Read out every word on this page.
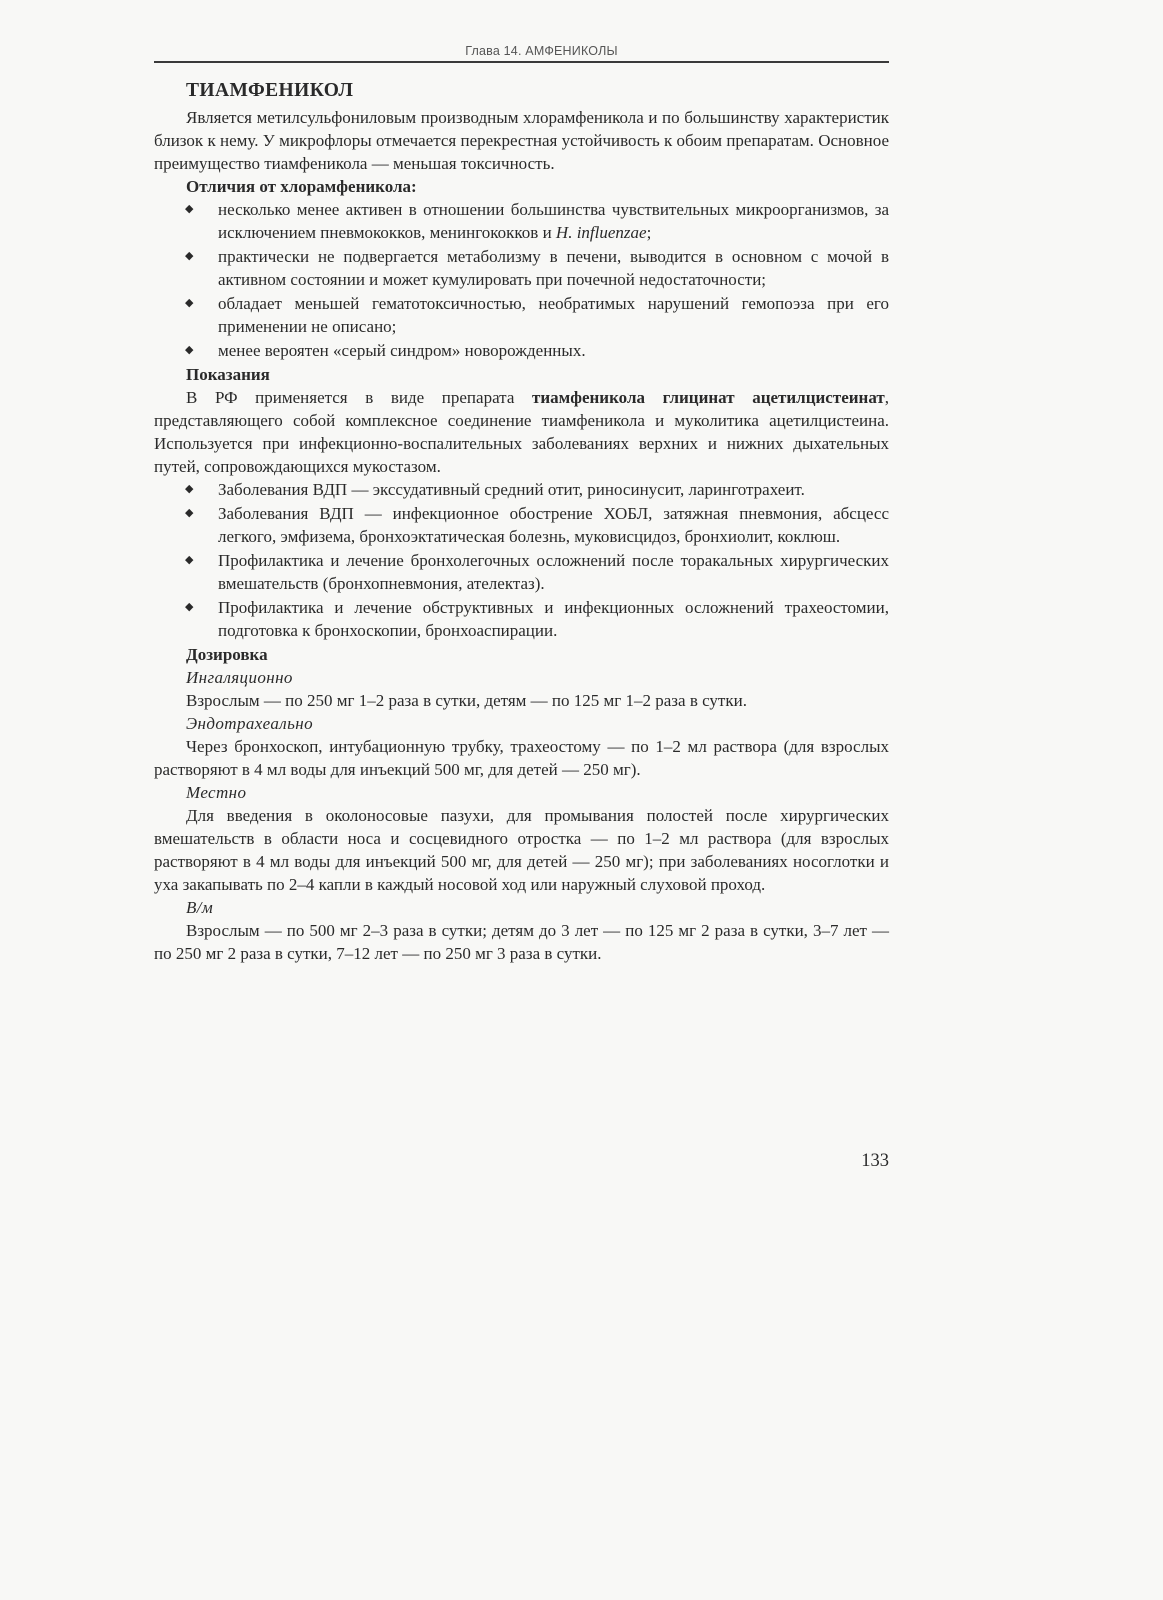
Глава 14. АМФЕНИКОЛЫ
ТИАМФЕНИКОЛ

Является метилсульфониловым производным хлорамфеникола и по большинству характеристик близок к нему. У микрофлоры отмечается перекрестная устойчивость к обоим препаратам. Основное преимущество тиамфеникола — меньшая токсичность.

Отличия от хлорамфеникола:
◆ несколько менее активен в отношении большинства чувствительных микроорганизмов, за исключением пневмококков, менингококков и H. influenzae;
◆ практически не подвергается метаболизму в печени, выводится в основном с мочой в активном состоянии и может кумулировать при почечной недостаточности;
◆ обладает меньшей гематотоксичностью, необратимых нарушений гемопоэза при его применении не описано;
◆ менее вероятен «серый синдром» новорожденных.
Показания

В РФ применяется в виде препарата тиамфеникола глицинат ацетилцистеинат, представляющего собой комплексное соединение тиамфеникола и муколитика ацетилцистеина. Используется при инфекционно-воспалительных заболеваниях верхних и нижних дыхательных путей, сопровождающихся мукостазом.

◆ Заболевания ВДП — экссудативный средний отит, риносинусит, ларинготрахеит.
◆ Заболевания ВДП — инфекционное обострение ХОБЛ, затяжная пневмония, абсцесс легкого, эмфизема, бронхоэктатическая болезнь, муковисцидоз, бронхиолит, коклюш.
◆ Профилактика и лечение бронхолегочных осложнений после торакальных хирургических вмешательств (бронхопневмония, ателектаз).
◆ Профилактика и лечение обструктивных и инфекционных осложнений трахеостомии, подготовка к бронхоскопии, бронхоаспирации.
Дозировка
Ингаляционно

Взрослым — по 250 мг 1–2 раза в сутки, детям — по 125 мг 1–2 раза в сутки.

Эндотрахеально

Через бронхоскоп, интубационную трубку, трахеостому — по 1–2 мл раствора (для взрослых растворяют в 4 мл воды для инъекций 500 мг, для детей — 250 мг).

Местно

Для введения в околоносовые пазухи, для промывания полостей после хирургических вмешательств в области носа и сосцевидного отростка — по 1–2 мл раствора (для взрослых растворяют в 4 мл воды для инъекций 500 мг, для детей — 250 мг); при заболеваниях носоглотки и уха закапывать по 2–4 капли в каждый носовой ход или наружный слуховой проход.

В/м

Взрослым — по 500 мг 2–3 раза в сутки; детям до 3 лет — по 125 мг 2 раза в сутки, 3–7 лет — по 250 мг 2 раза в сутки, 7–12 лет — по 250 мг 3 раза в сутки.

133
